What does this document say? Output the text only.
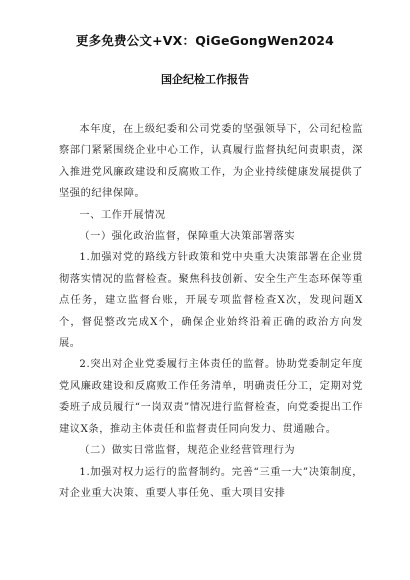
更多免费公文+VX：QiGeGongWen2024
国企纪检工作报告

本年度，在上级纪委和公司党委的坚强领导下，公司纪检监察部门紧紧围绕企业中心工作，认真履行监督执纪问责职责，深入推进党风廉政建设和反腐败工作，为企业持续健康发展提供了坚强的纪律保障。

一、工作开展情况

（一）强化政治监督，保障重大决策部署落实

1.加强对党的路线方针政策和党中央重大决策部署在企业贯彻落实情况的监督检查。聚焦科技创新、安全生产生态环保等重点任务，建立监督台账，开展专项监督检查X次，发现问题X个，督促整改完成X个，确保企业始终沿着正确的政治方向发展。

2.突出对企业党委履行主体责任的监督。协助党委制定年度党风廉政建设和反腐败工作任务清单，明确责任分工，定期对党委班子成员履行“一岗双责”情况进行监督检查，向党委提出工作建议X条，推动主体责任和监督责任同向发力、贯通融合。

（二）做实日常监督，规范企业经营管理行为

1.加强对权力运行的监督制约。完善“三重一大”决策制度，对企业重大决策、重要人事任免、重大项目安排
